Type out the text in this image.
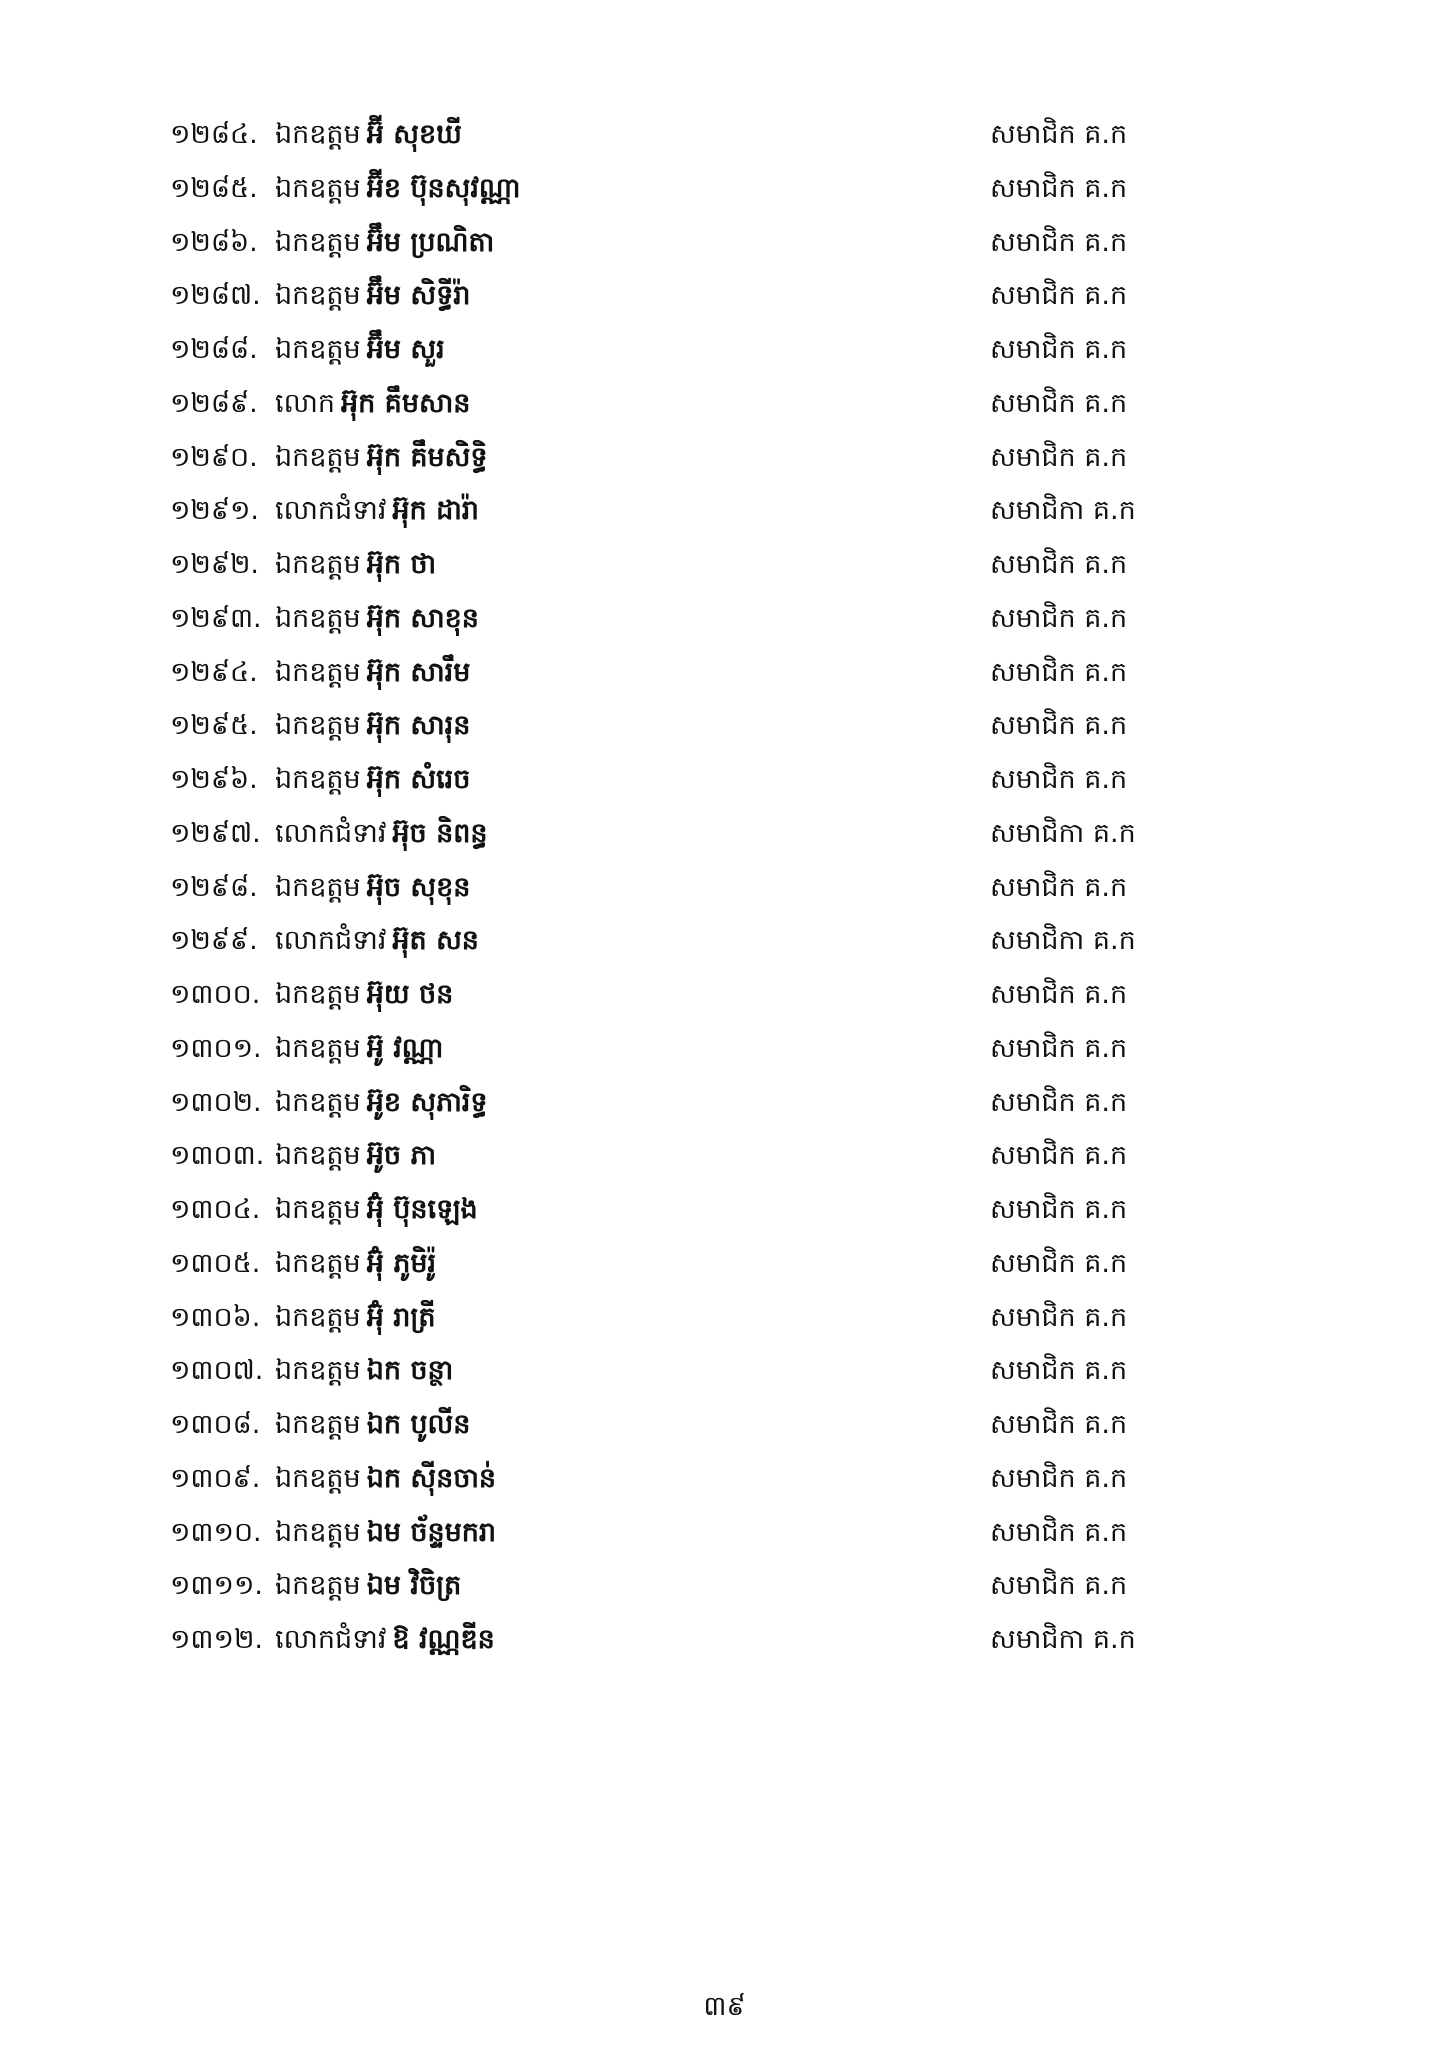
១២៨៤. ឯកឧត្តម អ៊ី សុខឃី	សមាជិក គ.ក
១២៨៥. ឯកឧត្តម អ៊ីខ ប៊ុនសុវណ្ណា	សមាជិក គ.ក
១២៨៦. ឯកឧត្តម អ៊ឹម ប្រណិតា	សមាជិក គ.ក
១២៨៧. ឯកឧត្តម អ៊ឹម សិទ្ធីរ៉ា	សមាជិក គ.ក
១២៨៨. ឯកឧត្តម អ៊ឹម សួរ	សមាជិក គ.ក
១២៨៩. លោក អ៊ុក គឹមសាន	សមាជិក គ.ក
១២៩០. ឯកឧត្តម អ៊ុក គឹមសិទ្ធិ	សមាជិក គ.ក
១២៩១. លោកជំទាវ អ៊ុក ដារ៉ា	សមាជិកា គ.ក
១២៩២. ឯកឧត្តម អ៊ុក ថា	សមាជិក គ.ក
១២៩៣. ឯកឧត្តម អ៊ុក សាខុន	សមាជិក គ.ក
១២៩៤. ឯកឧត្តម អ៊ុក សារឹម	សមាជិក គ.ក
១២៩៥. ឯកឧត្តម អ៊ុក សារុន	សមាជិក គ.ក
១២៩៦. ឯកឧត្តម អ៊ុក សំរេច	សមាជិក គ.ក
១២៩៧. លោកជំទាវ អ៊ុច និពន្ធ	សមាជិកា គ.ក
១២៩៨. ឯកឧត្តម អ៊ុច សុខុន	សមាជិក គ.ក
១២៩៩. លោកជំទាវ អ៊ុត សន	សមាជិកា គ.ក
១៣០០. ឯកឧត្តម អ៊ុយ ថន	សមាជិក គ.ក
១៣០១. ឯកឧត្តម អ៊ូ វណ្ណា	សមាជិក គ.ក
១៣០២. ឯកឧត្តម អ៊ូខ សុភារិទ្ធ	សមាជិក គ.ក
១៣០៣. ឯកឧត្តម អ៊ូច ភា	សមាជិក គ.ក
១៣០៤. ឯកឧត្តម អ៊ុំ ប៊ុនឡេង	សមាជិក គ.ក
១៣០៥. ឯកឧត្តម អ៊ុំ ភូមិរ៉ូ	សមាជិក គ.ក
១៣០៦. ឯកឧត្តម អ៊ុំ រាត្រី	សមាជិក គ.ក
១៣០៧. ឯកឧត្តម ឯក ចន្ថា	សមាជិក គ.ក
១៣០៨. ឯកឧត្តម ឯក បូលីន	សមាជិក គ.ក
១៣០៩. ឯកឧត្តម ឯក ស៊ីនចាន់	សមាជិក គ.ក
១៣១០. ឯកឧត្តម ឯម ច័ន្ទមករា	សមាជិក គ.ក
១៣១១. ឯកឧត្តម ឯម វិចិត្រ	សមាជិក គ.ក
១៣១២. លោកជំទាវ ឱ វណ្ណឌីន	សមាជិកា គ.ក
៣៩
